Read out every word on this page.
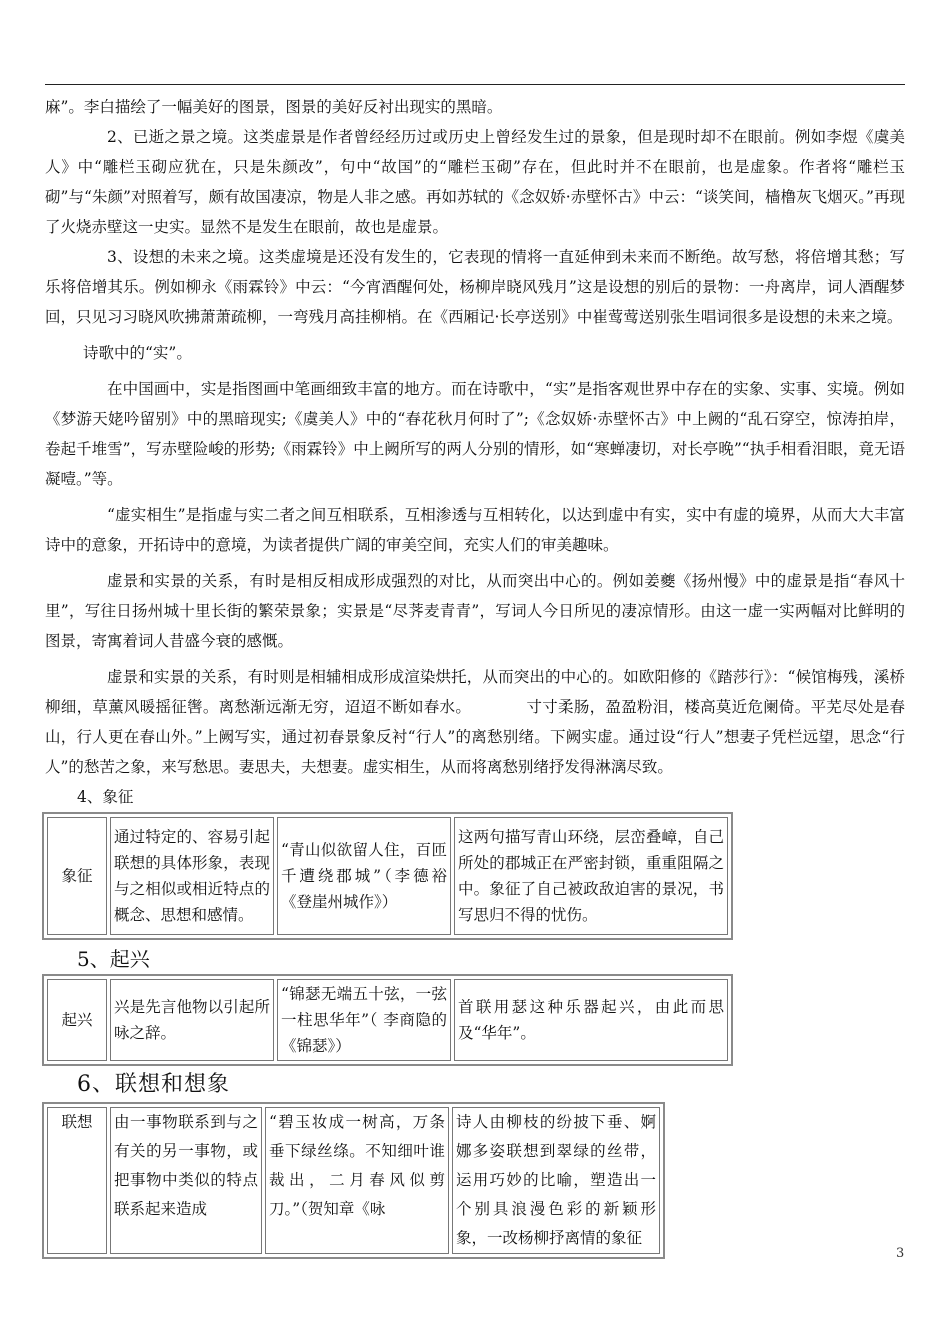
麻”。李白描绘了一幅美好的图景，图景的美好反衬出现实的黑暗。

2、已逝之景之境。这类虚景是作者曾经经历过或历史上曾经发生过的景象，但是现时却不在眼前。例如李煜《虞美人》中“雕栏玉砌应犹在，只是朱颜改”，句中“故国”的“雕栏玉砌”存在，但此时并不在眼前，也是虚象。作者将“雕栏玉砌”与“朱颜”对照着写，颇有故国凄凉，物是人非之感。再如苏轼的《念奴娇·赤壁怀古》中云：“谈笑间，樯橹灰飞烟灭。”再现了火烧赤壁这一史实。显然不是发生在眼前，故也是虚景。

3、设想的未来之境。这类虚境是还没有发生的，它表现的情将一直延伸到未来而不断绝。故写愁，将倍增其愁；写乐将倍增其乐。例如柳永《雨霖铃》中云：“今宵酒醒何处，杨柳岸晓风残月”这是设想的别后的景物：一舟离岸，词人酒醒梦回，只见习习晓风吹拂萧萧疏柳，一弯残月高挂柳梢。在《西厢记·长亭送别》中崔莺莺送别张生唱词很多是设想的未来之境。

诗歌中的“实”。

在中国画中，实是指图画中笔画细致丰富的地方。而在诗歌中，“实”是指客观世界中存在的实象、实事、实境。例如《梦游天姥吟留别》中的黑暗现实;《虞美人》中的“春花秋月何时了”;《念奴娇·赤壁怀古》中上阙的“乱石穿空，惊涛拍岸，卷起千堆雪”，写赤壁险峻的形势;《雨霖铃》中上阙所写的两人分别的情形，如“寒蝉凄切，对长亭晚”“执手相看泪眼，竟无语凝噎。”等。

“虚实相生”是指虚与实二者之间互相联系，互相渗透与互相转化，以达到虚中有实，实中有虚的境界，从而大大丰富诗中的意象，开拓诗中的意境，为读者提供广阔的审美空间，充实人们的审美趣味。

虚景和实景的关系，有时是相反相成形成强烈的对比，从而突出中心的。例如姜夔《扬州慢》中的虚景是指“春风十里”，写往日扬州城十里长街的繁荣景象；实景是“尽荠麦青青”，写词人今日所见的凄凉情形。由这一虚一实两幅对比鲜明的图景，寄寓着词人昔盛今衰的感慨。

虚景和实景的关系，有时则是相辅相成形成渲染烘托，从而突出的中心的。如欧阳修的《踏莎行》：“候馆梅残，溪桥柳细，草薰风暖摇征辔。离愁渐远渐无穷，迢迢不断如春水。　　　　寸寸柔肠，盈盈粉泪，楼高莫近危阑倚。平芜尽处是春山，行人更在春山外。”上阙写实，通过初春景象反衬“行人”的离愁别绪。下阙实虚。通过设“行人”想妻子凭栏远望，思念“行人”的愁苦之象，来写愁思。妻思夫，夫想妻。虚实相生，从而将离愁别绪抒发得淋漓尽致。

4、象征
象征	通过特定的、容易引起联想的具体形象，表现与之相似或相近特点的概念、思想和感情。	“青山似欲留人住，百匝千遭绕郡城”（李德裕《登崖州城作》）	这两句描写青山环绕，层峦叠嶂，自己所处的郡城正在严密封锁，重重阻隔之中。象征了自己被政敌迫害的景况，书写思归不得的忧伤。
5、起兴
起兴	兴是先言他物以引起所咏之辞。	“锦瑟无端五十弦，一弦一柱思华年”（ 李商隐的《锦瑟》）	首联用瑟这种乐器起兴，由此而思及“华年”。
6、联想和想象
联想	由一事物联系到与之有关的另一事物，或把事物中类似的特点联系起来造成	“碧玉妆成一树高，万条垂下绿丝绦。不知细叶谁裁出，二月春风似剪刀。”（贺知章《咏	诗人由柳枝的纷披下垂、婀娜多姿联想到翠绿的丝带，运用巧妙的比喻，塑造出一个别具浪漫色彩的新颖形象，一改杨柳抒离情的象征
3
